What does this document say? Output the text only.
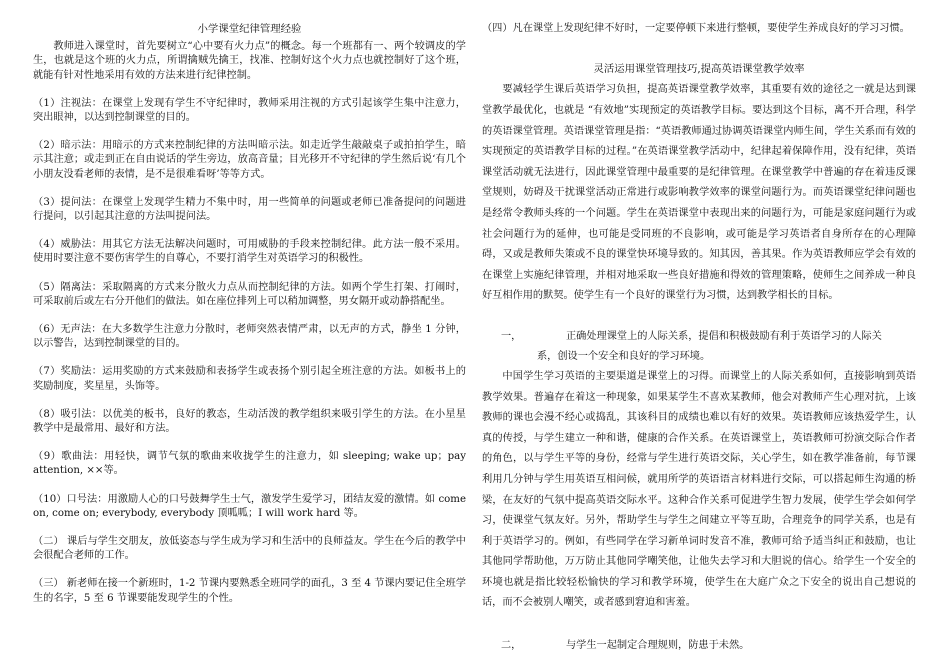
小学课堂纪律管理经验

教师进入课堂时，首先要树立“心中要有火力点”的概念。每一个班都有一、两个较调皮的学生，也就是这个班的火力点，所谓擒贼先擒王，找准、控制好这个火力点也就控制好了这个班，就能有针对性地采用有效的方法来进行纪律控制。

（1）注视法：在课堂上发现有学生不守纪律时，教师采用注视的方式引起该学生集中注意力，突出眼神，以达到控制课堂的目的。

（2）暗示法：用暗示的方式来控制纪律的方法叫暗示法。如走近学生敲敲桌子或拍拍学生，暗示其注意；或走到正在自由说话的学生旁边，放高音量；目光移开不守纪律的学生然后说‘有几个小朋友没看老师的表情，是不是很难看呀’等等方式。

（3）提问法：在课堂上发现学生精力不集中时，用一些简单的问题或老师已准备提问的问题进行提问，以引起其注意的方法叫提问法。

（4）威胁法：用其它方法无法解决问题时，可用威胁的手段来控制纪律。此方法一般不采用。使用时要注意不要伤害学生的自尊心，不要打消学生对英语学习的积极性。

（5）隔离法：采取隔离的方式来分散火力点从而控制纪律的方法。如两个学生打架、打闹时，可采取前后或左右分开他们的做法。如在座位排列上可以稍加调整，男女隔开或动静搭配坐。

（6）无声法：在大多数学生注意力分散时，老师突然表情严肃，以无声的方式，静坐 1 分钟，以示警告，达到控制课堂的目的。

（7）奖励法：运用奖励的方式来鼓励和表扬学生或表扬个别引起全班注意的方法。如板书上的奖励制度，奖星星，头饰等。

（8）吸引法：以优美的板书，良好的教态，生动活泼的教学组织来吸引学生的方法。在小星星教学中是最常用、最好和方法。

（9）歌曲法：用轻快，调节气氛的歌曲来收拢学生的注意力，如 sleeping; wake up；pay attention, ××等。

（10）口号法：用激励人心的口号鼓舞学生士气，激发学生爱学习，团结友爱的激情。如 come on, come on; everybody, everybody 顶呱呱；I will work hard 等。

（二） 课后与学生交朋友，放低姿态与学生成为学习和生活中的良师益友。学生在今后的教学中会很配合老师的工作。

（三） 新老师在接一个新班时，1-2 节课内要熟悉全班同学的面孔，3 至 4 节课内要记住全班学生的名字，5 至 6 节课要能发现学生的个性。

（四）凡在课堂上发现纪律不好时，一定要停顿下来进行整顿，要使学生养成良好的学习习惯。

灵活运用课堂管理技巧,提高英语课堂教学效率

要减轻学生课后英语学习负担，提高英语课堂教学效率，其重要有效的途径之一就是达到课堂教学最优化，也就是 “有效地”实现预定的英语教学目标。要达到这个目标，离不开合理，科学的英语课堂管理。英语课堂管理是指：“英语教师通过协调英语课堂内师生间，学生关系而有效的实现预定的英语教学目标的过程。”在英语课堂教学活动中，纪律起着保障作用，没有纪律，英语课堂活动就无法进行，因此课堂管理中最重要的是纪律管理。在课堂教学中普遍的存在着违反课堂规则，妨碍及干扰课堂活动正常进行或影响教学效率的课堂问题行为。而英语课堂纪律问题也是经常令教师头疼的一个问题。学生在英语课堂中表现出来的问题行为，可能是家庭问题行为或社会问题行为的延伸，也可能是受同班的不良影响，或可能是学习英语者自身所存在的心理障碍，又或是教师失策或不良的课堂快环境导致的。知其因，善其果。作为英语教师应学会有效的在课堂上实施纪律管理，并相对地采取一些良好措施和得效的管理策略，使师生之间养成一种良好互相作用的默契。使学生有一个良好的课堂行为习惯，达到教学相长的目标。

一，	正确处理课堂上的人际关系，提倡和积极鼓励有利于英语学习的人际关

系，创设一个安全和良好的学习环境。

中国学生学习英语的主要渠道是课堂上的习得。而课堂上的人际关系如何，直接影响到英语教学效果。普遍存在着这一种现象，如果某学生不喜欢某教师，他会对教师产生心理对抗，上该教师的课也会漫不经心或捣乱，其该科目的成绩也难以有好的效果。英语教师应该热爱学生，认真的传授，与学生建立一种和谐，健康的合作关系。在英语课堂上，英语教师可扮演交际合作者的角色，以与学生平等的身份，经常与学生进行英语交际，关心学生，如在教学准备前，每节课利用几分钟与学生用英语互相问候，就用所学的英语语言材料进行交际，可以搭起师生沟通的桥梁，在友好的气氛中提高英语交际水平。这种合作关系可促进学生智力发展，使学生学会如何学习，使课堂气氛友好。另外，帮助学生与学生之间建立平等互助，合理竞争的同学关系，也是有利于英语学习的。例如，有些同学在学习新单词时发音不准，教师可给予适当纠正和鼓励，也让其他同学帮助他，万万防止其他同学嘲笑他，让他失去学习和大胆说的信心。给学生一个安全的环境也就是指比较轻松愉快的学习和教学环境，使学生在大庭广众之下安全的说出自己想说的话，而不会被别人嘲笑，或者感到窘迫和害羞。

二，	与学生一起制定合理规则，防患于未然。
